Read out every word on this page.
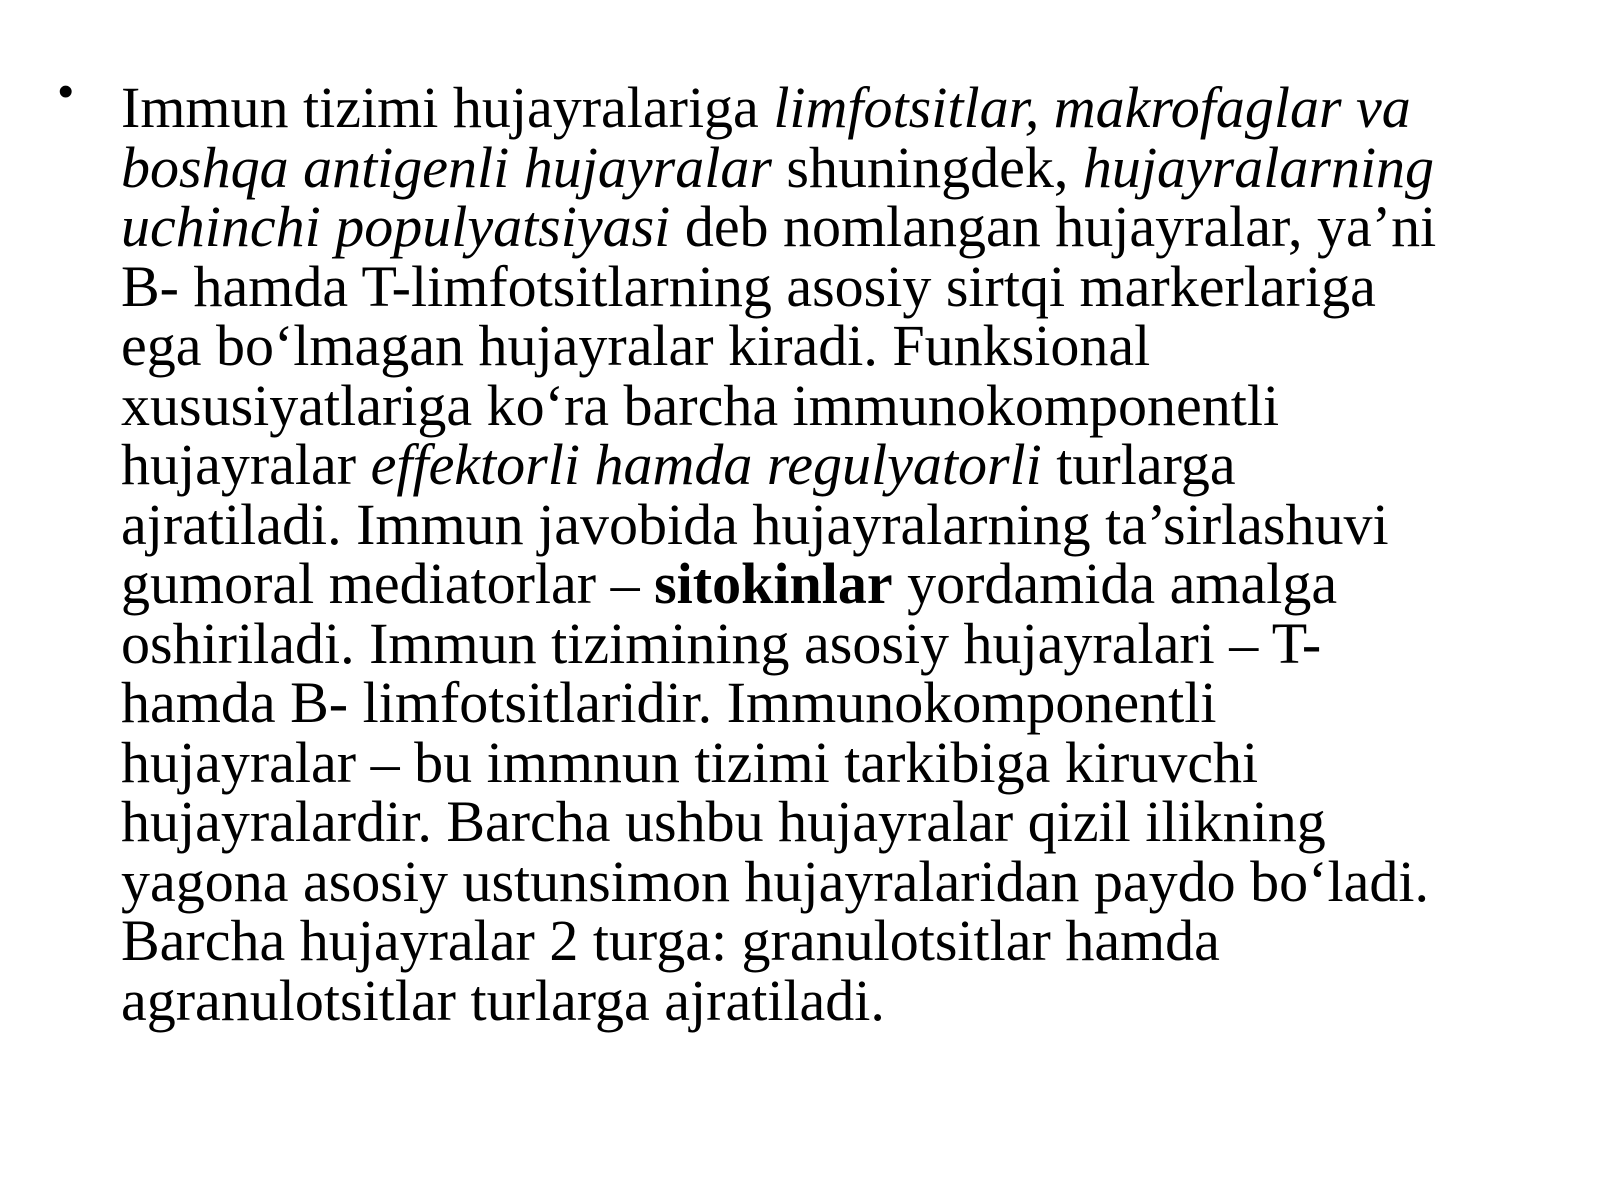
• Immun tizimi hujayralariga limfotsitlar, makrofaglar va
boshqa antigenli hujayralar shuningdek, hujayralarning
uchinchi populyatsiyasi deb nomlangan hujayralar, ya’ni
B- hamda T-limfotsitlarning asosiy sirtqi markerlariga
ega bo‘lmagan hujayralar kiradi. Funksional
xususiyatlariga ko‘ra barcha immunokomponentli
hujayralar effektorli hamda regulyatorli turlarga
ajratiladi. Immun javobida hujayralarning ta’sirlashuvi
gumoral mediatorlar – sitokinlar yordamida amalga
oshiriladi. Immun tizimining asosiy hujayralari – T-
hamda B- limfotsitlaridir. Immunokomponentli
hujayralar – bu immnun tizimi tarkibiga kiruvchi
hujayralardir. Barcha ushbu hujayralar qizil ilikning
yagona asosiy ustunsimon hujayralaridan paydo bo‘ladi.
Barcha hujayralar 2 turga: granulotsitlar hamda
agranulotsitlar turlarga ajratiladi.
